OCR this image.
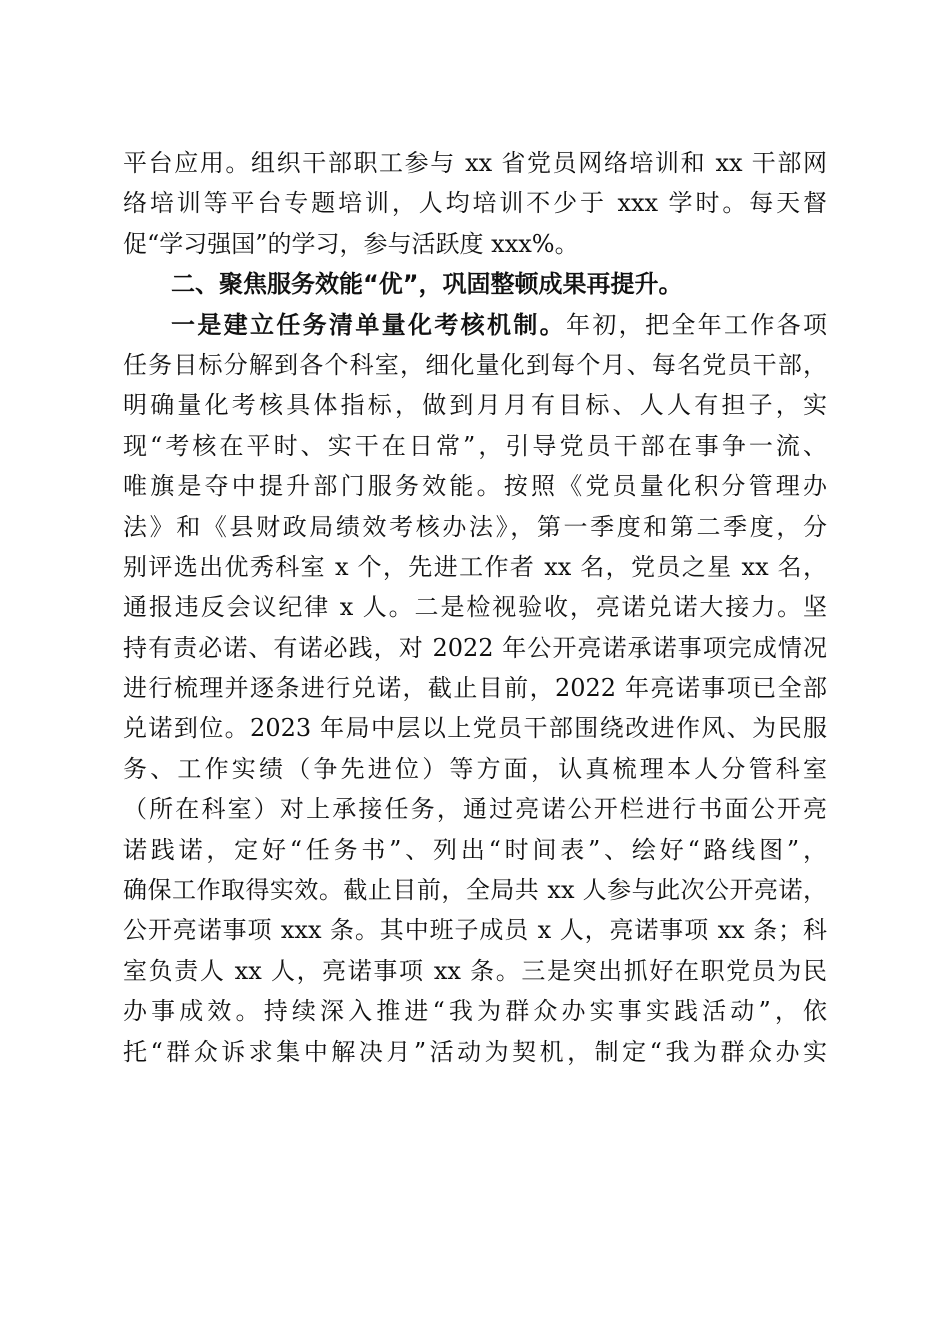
平台应用。组织干部职工参与 xx 省党员网络培训和 xx 干部网
络培训等平台专题培训，人均培训不少于 xxx 学时。每天督
促“学习强国”的学习，参与活跃度 xxx%。
二、聚焦服务效能“优”，巩固整顿成果再提升。
一是建立任务清单量化考核机制。年初，把全年工作各项
任务目标分解到各个科室，细化量化到每个月、每名党员干部，
明确量化考核具体指标，做到月月有目标、人人有担子，实
现“考核在平时、实干在日常”，引导党员干部在事争一流、
唯旗是夺中提升部门服务效能。按照《党员量化积分管理办
法》和《县财政局绩效考核办法》，第一季度和第二季度，分
别评选出优秀科室 x 个，先进工作者 xx 名，党员之星 xx 名，
通报违反会议纪律 x 人。二是检视验收，亮诺兑诺大接力。坚
持有责必诺、有诺必践，对 2022 年公开亮诺承诺事项完成情况
进行梳理并逐条进行兑诺，截止目前，2022 年亮诺事项已全部
兑诺到位。2023 年局中层以上党员干部围绕改进作风、为民服
务、工作实绩（争先进位）等方面，认真梳理本人分管科室
（所在科室）对上承接任务，通过亮诺公开栏进行书面公开亮
诺践诺，定好“任务书”、列出“时间表”、绘好“路线图”，
确保工作取得实效。截止目前，全局共 xx 人参与此次公开亮诺，
公开亮诺事项 xxx 条。其中班子成员 x 人，亮诺事项 xx 条；科
室负责人 xx 人，亮诺事项 xx 条。三是突出抓好在职党员为民
办事成效。持续深入推进“我为群众办实事实践活动”，依
托“群众诉求集中解决月”活动为契机，制定“我为群众办实
